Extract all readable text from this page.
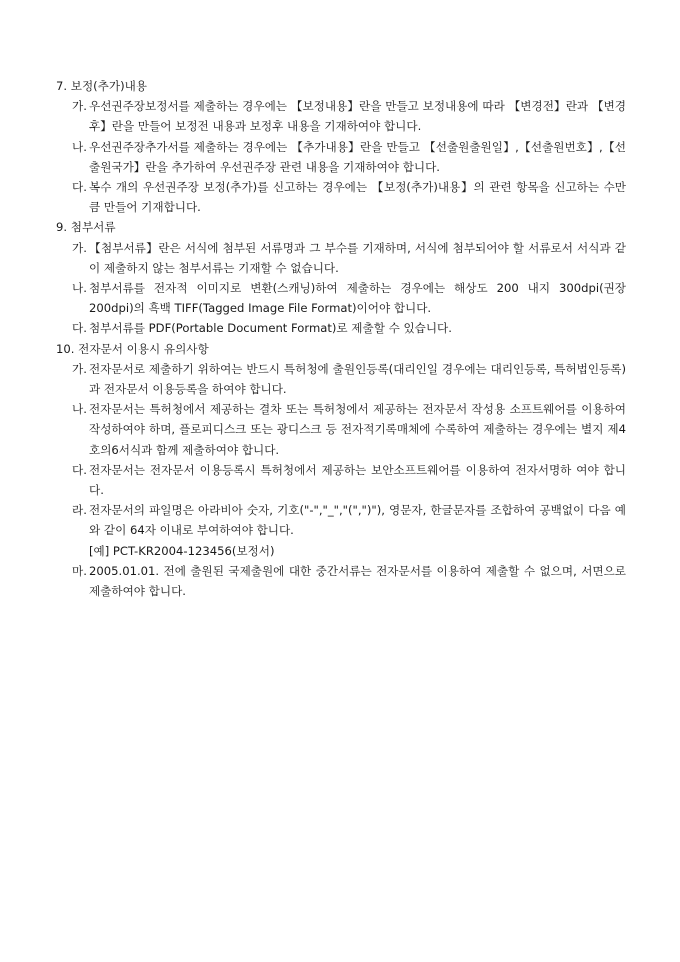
7. 보정(추가)내용
가. 우선권주장보정서를 제출하는 경우에는 【보정내용】란을 만들고 보정내용에 따라 【변경전】란과 【변경후】란을 만들어 보정전 내용과 보정후 내용을 기재하여야 합니다.
나. 우선권주장추가서를 제출하는 경우에는 【추가내용】란을 만들고 【선출원출원일】,【선출원번호】,【선출원국가】란을 추가하여 우선권주장 관련 내용을 기재하여야 합니다.
다. 복수 개의 우선권주장 보정(추가)를 신고하는 경우에는 【보정(추가)내용】의 관련 항목을 신고하는 수만큼 만들어 기재합니다.
9. 첨부서류
가. 【첨부서류】란은 서식에 첨부된 서류명과 그 부수를 기재하며, 서식에 첨부되어야 할 서류로서 서식과 같이 제출하지 않는 첨부서류는 기재할 수 없습니다.
나. 첨부서류를 전자적 이미지로 변환(스캐닝)하여 제출하는 경우에는 해상도 200 내지 300dpi(권장 200dpi)의 흑백 TIFF(Tagged Image File Format)이어야 합니다.
다. 첨부서류를 PDF(Portable Document Format)로 제출할 수 있습니다.
10. 전자문서 이용시 유의사항
가. 전자문서로 제출하기 위하여는 반드시 특허청에 출원인등록(대리인일 경우에는 대리인등록, 특허법인등록)과 전자문서 이용등록을 하여야 합니다.
나. 전자문서는 특허청에서 제공하는 결차 또는 특허청에서 제공하는 전자문서 작성용 소프트웨어를 이용하여 작성하여야 하며, 플로피디스크 또는 광디스크 등 전자적기록매체에 수록하여 제출하는 경우에는 별지 제4호의6서식과 함께 제출하여야 합니다.
다. 전자문서는 전자문서 이용등록시 특허청에서 제공하는 보안소프트웨어를 이용하여 전자서명하 여야 합니다.
라. 전자문서의 파일명은 아라비아 숫자, 기호("-","_","(",")"), 영문자, 한글문자를 조합하여 공백없이 다음 예와 같이 64자 이내로 부여하여야 합니다.
[예] PCT-KR2004-123456(보정서)
마. 2005.01.01. 전에 출원된 국제출원에 대한 중간서류는 전자문서를 이용하여 제출할 수 없으며, 서면으로 제출하여야 합니다.
